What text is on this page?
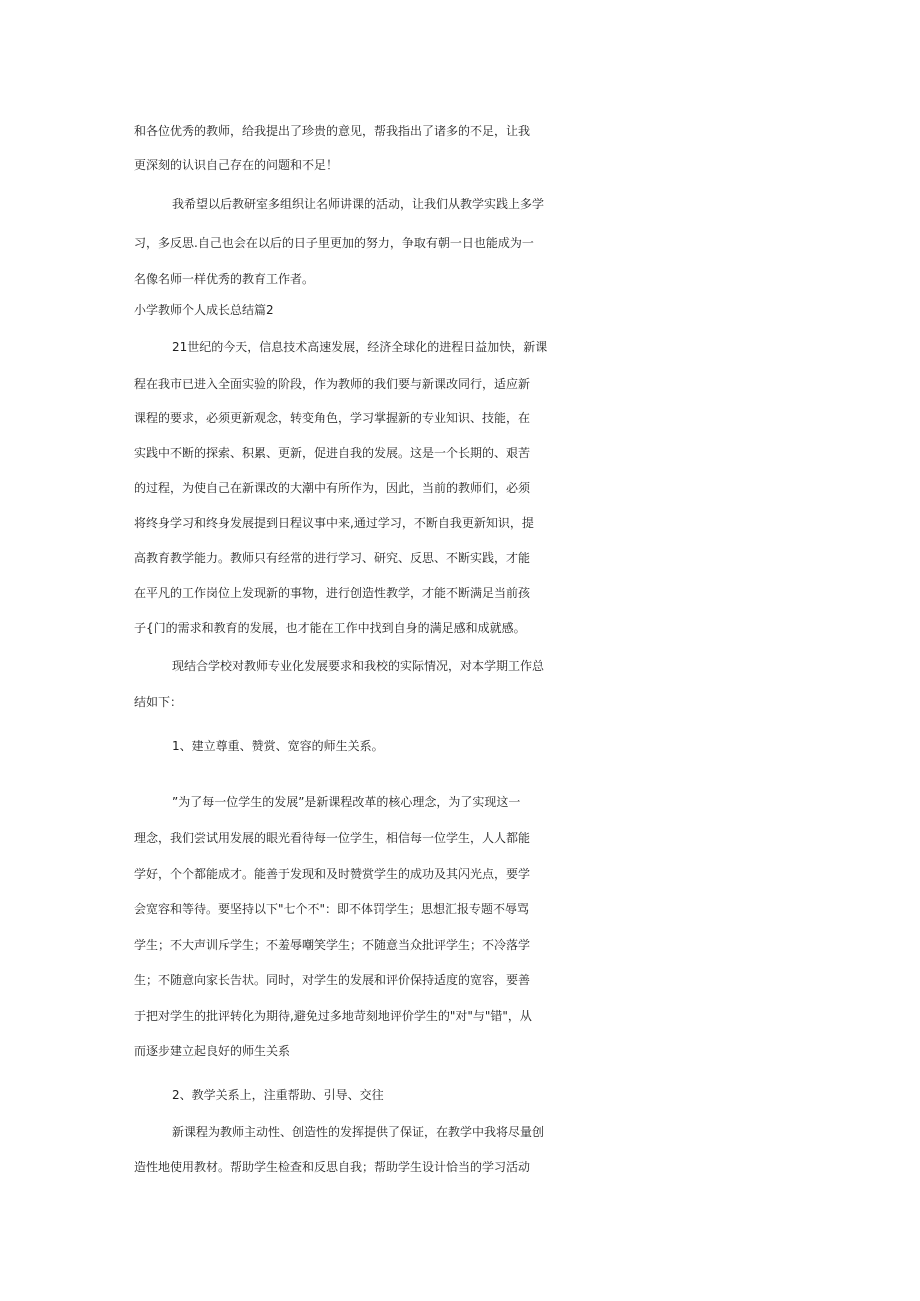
和各位优秀的教师，给我提出了珍贵的意见，帮我指出了诸多的不足，让我
更深刻的认识自己存在的问题和不足！
我希望以后教研室多组织让名师讲课的活动，让我们从教学实践上多学
习，多反思.自己也会在以后的日子里更加的努力，争取有朝一日也能成为一
名像名师一样优秀的教育工作者。
小学教师个人成长总结篇2
21世纪的今天，信息技术高速发展，经济全球化的进程日益加快，新课
程在我市已进入全面实验的阶段，作为教师的我们要与新课改同行，适应新
课程的要求，必须更新观念，转变角色，学习掌握新的专业知识、技能，在
实践中不断的探索、积累、更新，促进自我的发展。这是一个长期的、艰苦
的过程，为使自己在新课改的大潮中有所作为，因此，当前的教师们，必须
将终身学习和终身发展提到日程议事中来,通过学习，不断自我更新知识，提
高教育教学能力。教师只有经常的进行学习、研究、反思、不断实践，才能
在平凡的工作岗位上发现新的事物，进行创造性教学，才能不断满足当前孩
子{门的需求和教育的发展，也才能在工作中找到自身的满足感和成就感。
现结合学校对教师专业化发展要求和我校的实际情况，对本学期工作总
结如下：
1、建立尊重、赞赏、宽容的师生关系。
”为了每一位学生的发展”是新课程改革的核心理念，为了实现这一
理念，我们尝试用发展的眼光看待每一位学生，相信每一位学生，人人都能
学好，个个都能成才。能善于发现和及时赞赏学生的成功及其闪光点，要学
会宽容和等待。要坚持以下"七个不"：即不体罚学生；思想汇报专题不辱骂
学生；不大声训斥学生；不羞辱嘲笑学生；不随意当众批评学生；不冷落学
生；不随意向家长告状。同时，对学生的发展和评价保持适度的宽容，要善
于把对学生的批评转化为期待,避免过多地苛刻地评价学生的"对"与"错"，从
而逐步建立起良好的师生关系
2、教学关系上，注重帮助、引导、交往
新课程为教师主动性、创造性的发挥提供了保证，在教学中我将尽量创
造性地使用教材。帮助学生检查和反思自我；帮助学生设计恰当的学习活动
